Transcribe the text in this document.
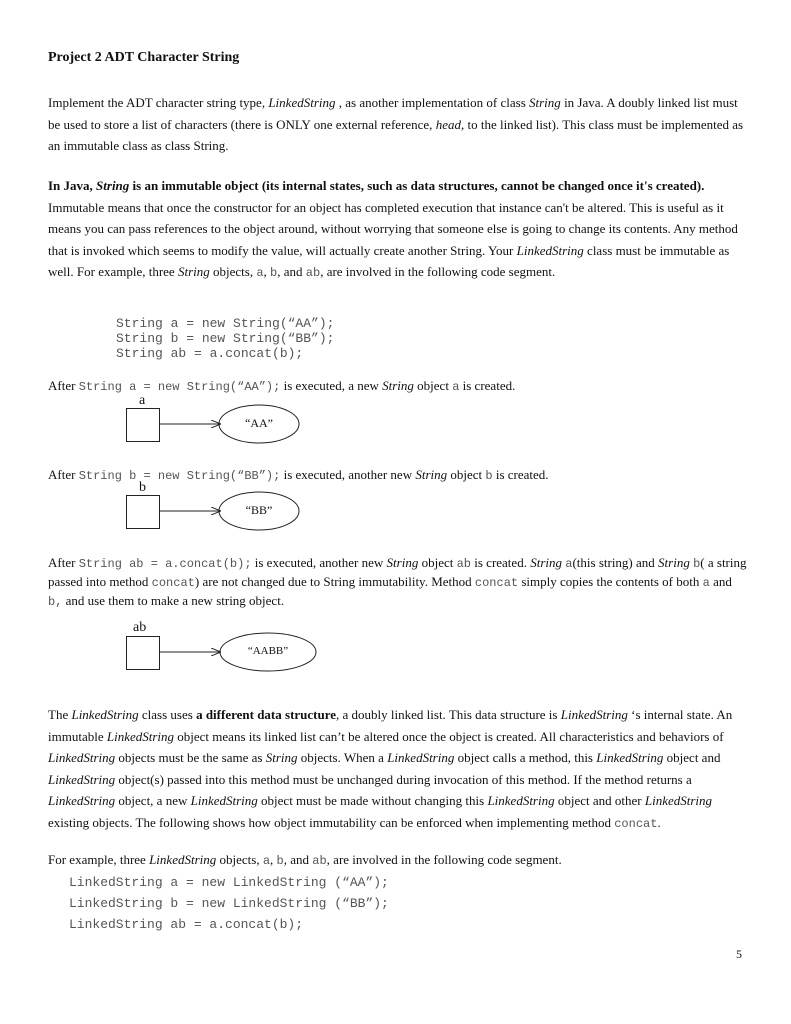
Project 2 ADT Character String
Implement the ADT character string type, LinkedString , as another implementation of class String in Java. A doubly linked list must be used to store a list of characters (there is ONLY one external reference, head, to the linked list). This class must be implemented as an immutable class as class String.
In Java, String is an immutable object (its internal states, such as data structures, cannot be changed once it's created). Immutable means that once the constructor for an object has completed execution that instance can't be altered. This is useful as it means you can pass references to the object around, without worrying that someone else is going to change its contents. Any method that is invoked which seems to modify the value, will actually create another String. Your LinkedString class must be immutable as well. For example, three String objects, a, b, and ab, are involved in the following code segment.
String a = new String(“AA”);
String b = new String(“BB”);
String ab = a.concat(b);
After String a = new String(“AA”); is executed, a new String object a is created.
a
“AA”
After String b = new String(“BB”); is executed, another new String object b is created.
b
“BB”
After String ab = a.concat(b); is executed, another new String object ab is created. String a(this string) and String b( a string passed into method concat) are not changed due to String immutability. Method concat simply copies the contents of both a and b, and use them to make a new string object.
ab
“AABB”
The LinkedString class uses a different data structure, a doubly linked list. This data structure is LinkedString ‘s internal state. An immutable LinkedString object means its linked list can’t be altered once the object is created. All characteristics and behaviors of LinkedString objects must be the same as String objects. When a LinkedString object calls a method, this LinkedString object and LinkedString object(s) passed into this method must be unchanged during invocation of this method. If the method returns a LinkedString object, a new LinkedString object must be made without changing this LinkedString object and other LinkedString existing objects. The following shows how object immutability can be enforced when implementing method concat.
For example, three LinkedString objects, a, b, and ab, are involved in the following code segment.
LinkedString a = new LinkedString (“AA”);
LinkedString b = new LinkedString (“BB”);
LinkedString ab = a.concat(b);
5
